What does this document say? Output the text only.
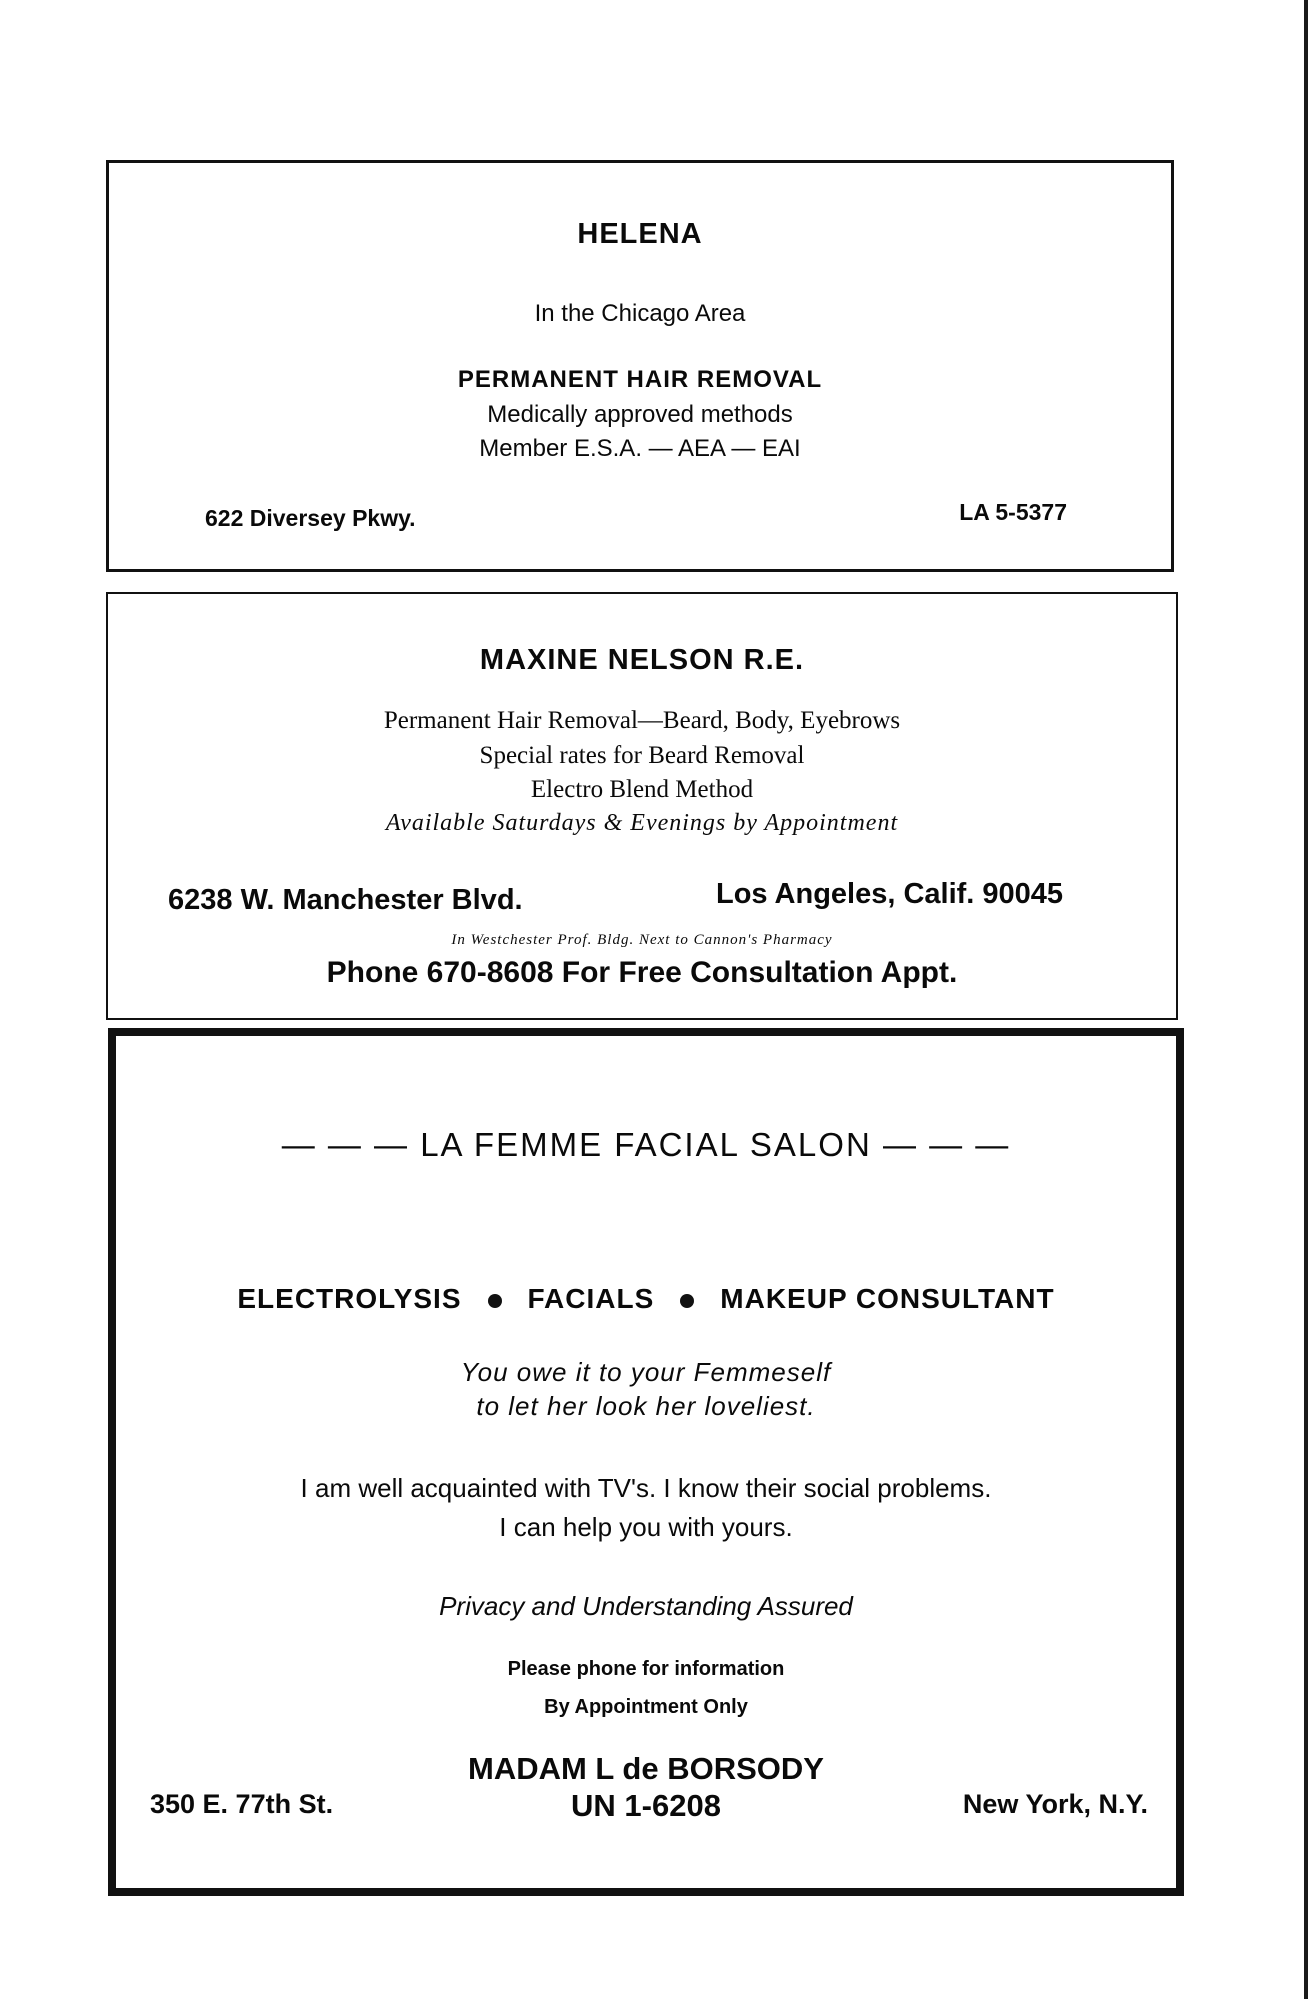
HELENA
In the Chicago Area
PERMANENT HAIR REMOVAL
Medically approved methods
Member E.S.A. — AEA — EAI
622 Diversey Pkwy.	LA 5-5377
MAXINE NELSON R.E.
Permanent Hair Removal—Beard, Body, Eyebrows
Special rates for Beard Removal
Electro Blend Method
Available Saturdays & Evenings by Appointment
6238 W. Manchester Blvd.	Los Angeles, Calif. 90045
In Westchester Prof. Bldg. Next to Cannon's Pharmacy
Phone 670-8608 For Free Consultation Appt.
— — — LA FEMME FACIAL SALON — — —
ELECTROLYSIS FACIALS MAKEUP CONSULTANT
You owe it to your Femmeself
to let her look her loveliest.
I am well acquainted with TV's. I know their social problems.
I can help you with yours.
Privacy and Understanding Assured
Please phone for information
By Appointment Only
MADAM L de BORSODY
UN 1-6208
350 E. 77th St.	New York, N.Y.
